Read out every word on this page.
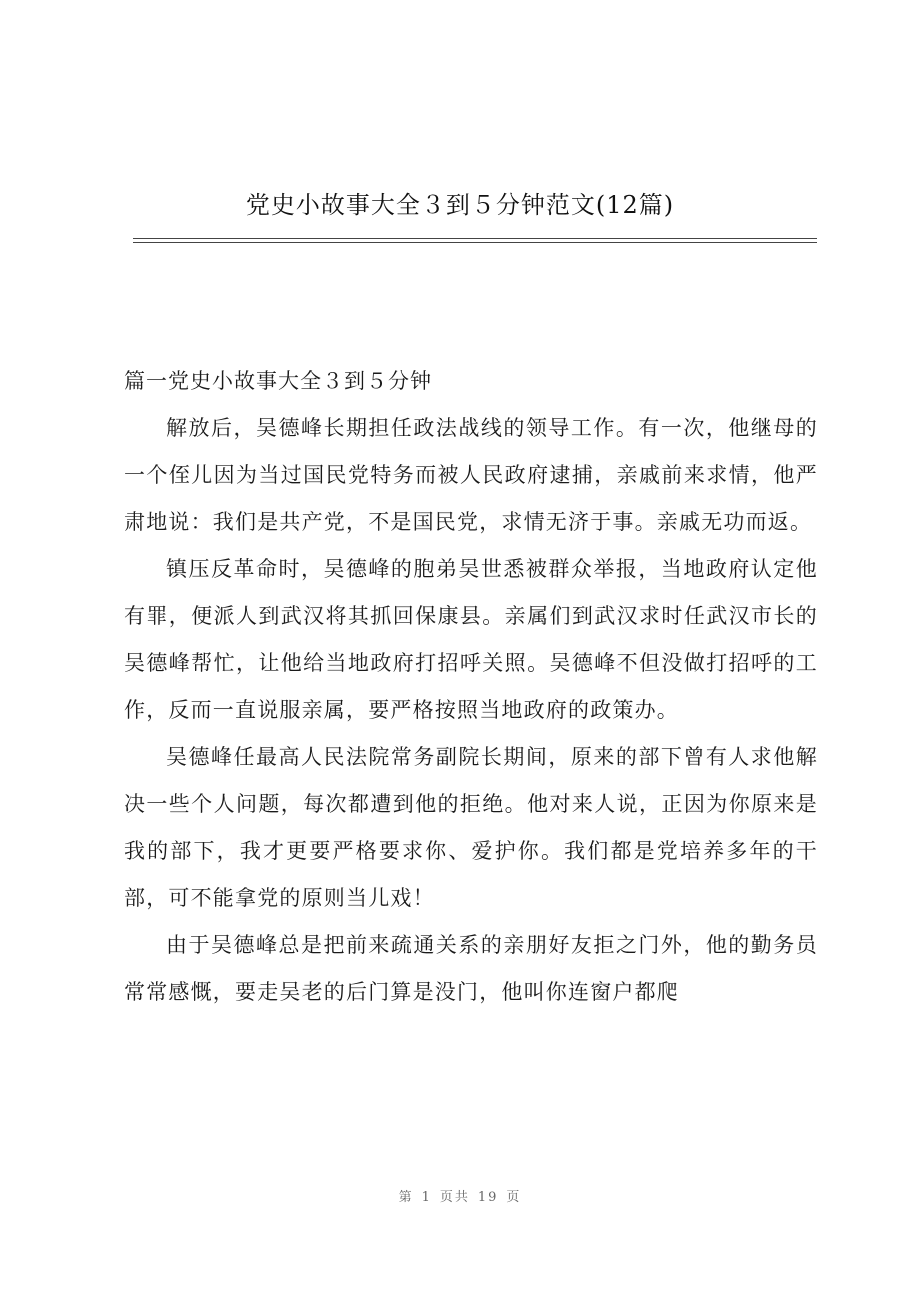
党史小故事大全３到５分钟范文(12篇)

篇一党史小故事大全３到５分钟

解放后，吴德峰长期担任政法战线的领导工作。有一次，他继母的一个侄儿因为当过国民党特务而被人民政府逮捕，亲戚前来求情，他严肃地说：我们是共产党，不是国民党，求情无济于事。亲戚无功而返。

镇压反革命时，吴德峰的胞弟吴世悉被群众举报，当地政府认定他有罪，便派人到武汉将其抓回保康县。亲属们到武汉求时任武汉市长的吴德峰帮忙，让他给当地政府打招呼关照。吴德峰不但没做打招呼的工作，反而一直说服亲属，要严格按照当地政府的政策办。

吴德峰任最高人民法院常务副院长期间，原来的部下曾有人求他解决一些个人问题，每次都遭到他的拒绝。他对来人说，正因为你原来是我的部下，我才更要严格要求你、爱护你。我们都是党培养多年的干部，可不能拿党的原则当儿戏！

由于吴德峰总是把前来疏通关系的亲朋好友拒之门外，他的勤务员常常感慨，要走吴老的后门算是没门，他叫你连窗户都爬

第 1 页共 19 页
